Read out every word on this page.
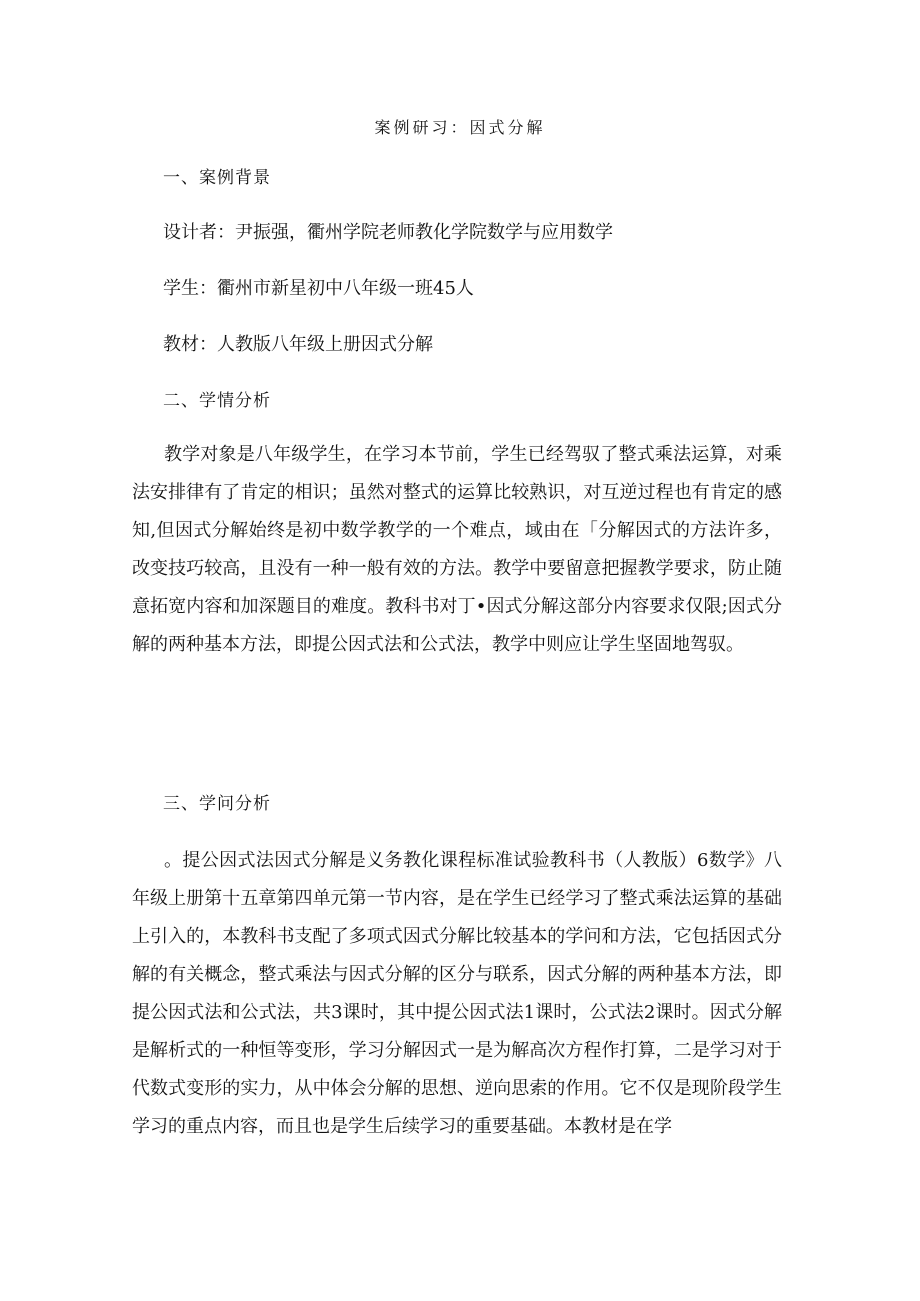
案例研习：因式分解

一、案例背景

设计者：尹振强，衢州学院老师教化学院数学与应用数学

学生：衢州市新星初中八年级一班45人

教材：人教版八年级上册因式分解

二、学情分析

教学对象是八年级学生，在学习本节前，学生已经驾驭了整式乘法运算，对乘法安排律有了肯定的相识；虽然对整式的运算比较熟识，对互逆过程也有肯定的感知,但因式分解始终是初中数学教学的一个难点，域由在「分解因式的方法许多，改变技巧较高，且没有一种一般有效的方法。教学中要留意把握教学要求，防止随意拓宽内容和加深题目的难度。教科书对丁•因式分解这部分内容要求仅限;因式分解的两种基本方法，即提公因式法和公式法，教学中则应让学生坚固地驾驭。

三、学问分析

。提公因式法因式分解是义务教化课程标准试验教科书（人教版）6数学》八年级上册第十五章第四单元第一节内容，是在学生已经学习了整式乘法运算的基础上引入的，本教科书支配了多项式因式分解比较基本的学问和方法，它包括因式分解的有关概念，整式乘法与因式分解的区分与联系，因式分解的两种基本方法，即提公因式法和公式法，共3课时，其中提公因式法1课时，公式法2课时。因式分解是解析式的一种恒等变形，学习分解因式一是为解高次方程作打算，二是学习对于代数式变形的实力，从中体会分解的思想、逆向思索的作用。它不仅是现阶段学生学习的重点内容，而且也是学生后续学习的重要基础。本教材是在学
